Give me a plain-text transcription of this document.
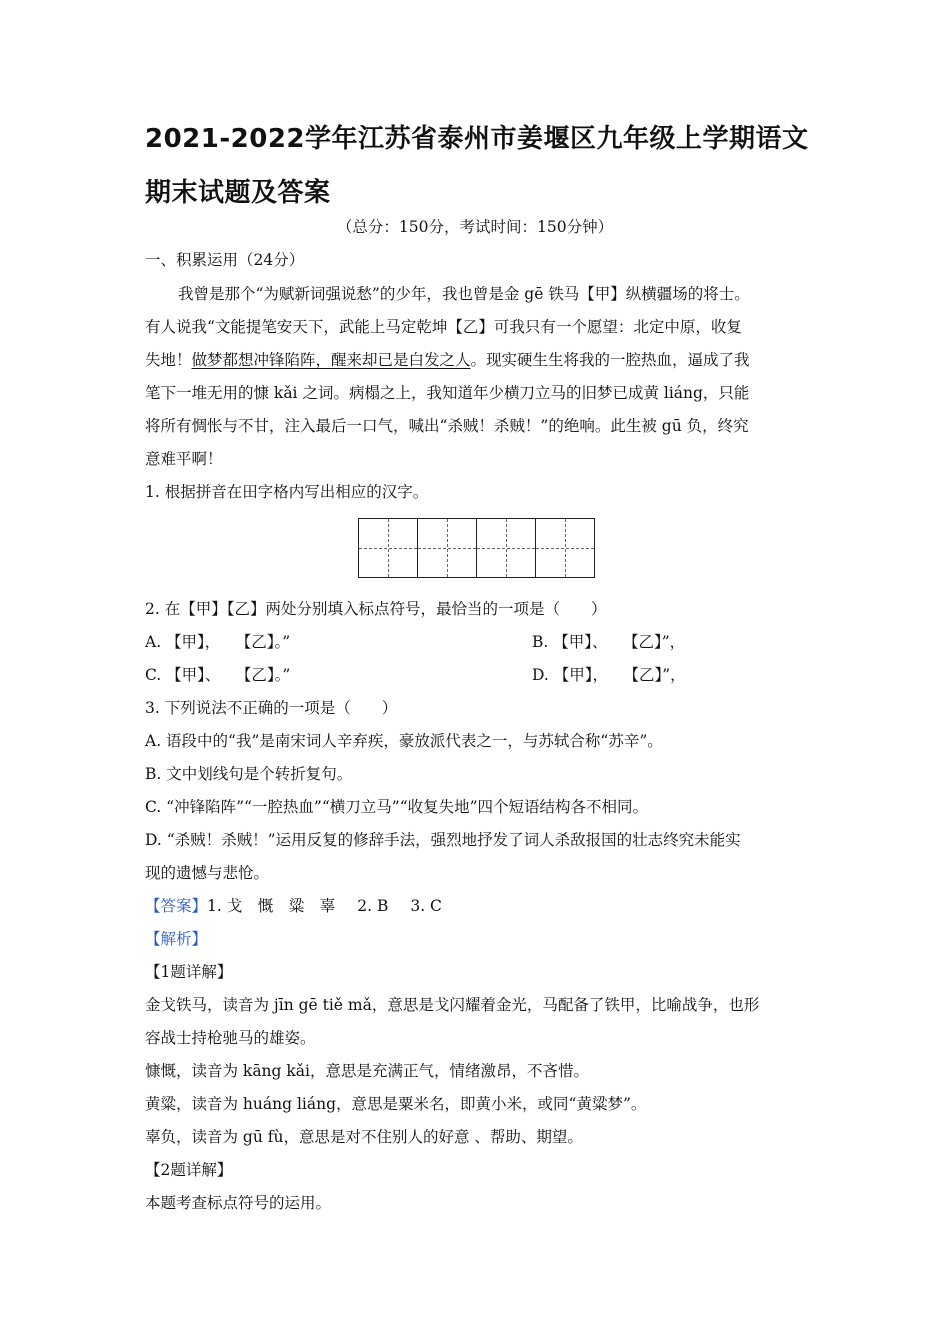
2021-2022学年江苏省泰州市姜堰区九年级上学期语文期末试题及答案
（总分：150分，考试时间：150分钟）
一、积累运用（24分）
我曾是那个“为赋新词强说愁”的少年，我也曾是金 gē 铁马【甲】纵横疆场的将士。
有人说我“文能提笔安天下，武能上马定乾坤【乙】可我只有一个愿望：北定中原，收复
失地！做梦都想冲锋陷阵，醒来却已是白发之人。现实硬生生将我的一腔热血，逼成了我
笔下一堆无用的慷 kǎi 之词。病榻之上，我知道年少横刀立马的旧梦已成黄 liáng，只能
将所有惆怅与不甘，注入最后一口气，喊出“杀贼！杀贼！”的绝响。此生被 gū 负，终究
意难平啊！
1. 根据拼音在田字格内写出相应的汉字。
2. 在【甲】【乙】两处分别填入标点符号，最恰当的一项是（　　）
A. 【甲】，　　【乙】。”	B. 【甲】、　　【乙】”，
C. 【甲】、　　【乙】。”	D. 【甲】，　　【乙】”，
3. 下列说法不正确的一项是（　　）
A. 语段中的“我”是南宋词人辛弃疾，豪放派代表之一，与苏轼合称“苏辛”。
B. 文中划线句是个转折复句。
C. “冲锋陷阵”“一腔热血”“横刀立马”“收复失地”四个短语结构各不相同。
D. “杀贼！杀贼！”运用反复的修辞手法，强烈地抒发了词人杀敌报国的壮志终究未能实
现的遗憾与悲怆。
【答案】1. 戈　慨　粱　辜 2. B 3. C
【解析】
【1题详解】
金戈铁马，读音为 jīn gē tiě mǎ，意思是戈闪耀着金光，马配备了铁甲，比喻战争，也形
容战士持枪驰马的雄姿。
慷慨，读音为 kāng kǎi，意思是充满正气，情绪激昂，不吝惜。
黄粱，读音为 huáng liáng，意思是粟米名，即黄小米，或同“黄粱梦”。
辜负，读音为 gū fù，意思是对不住别人的好意 、帮助、期望。
【2题详解】
本题考查标点符号的运用。
